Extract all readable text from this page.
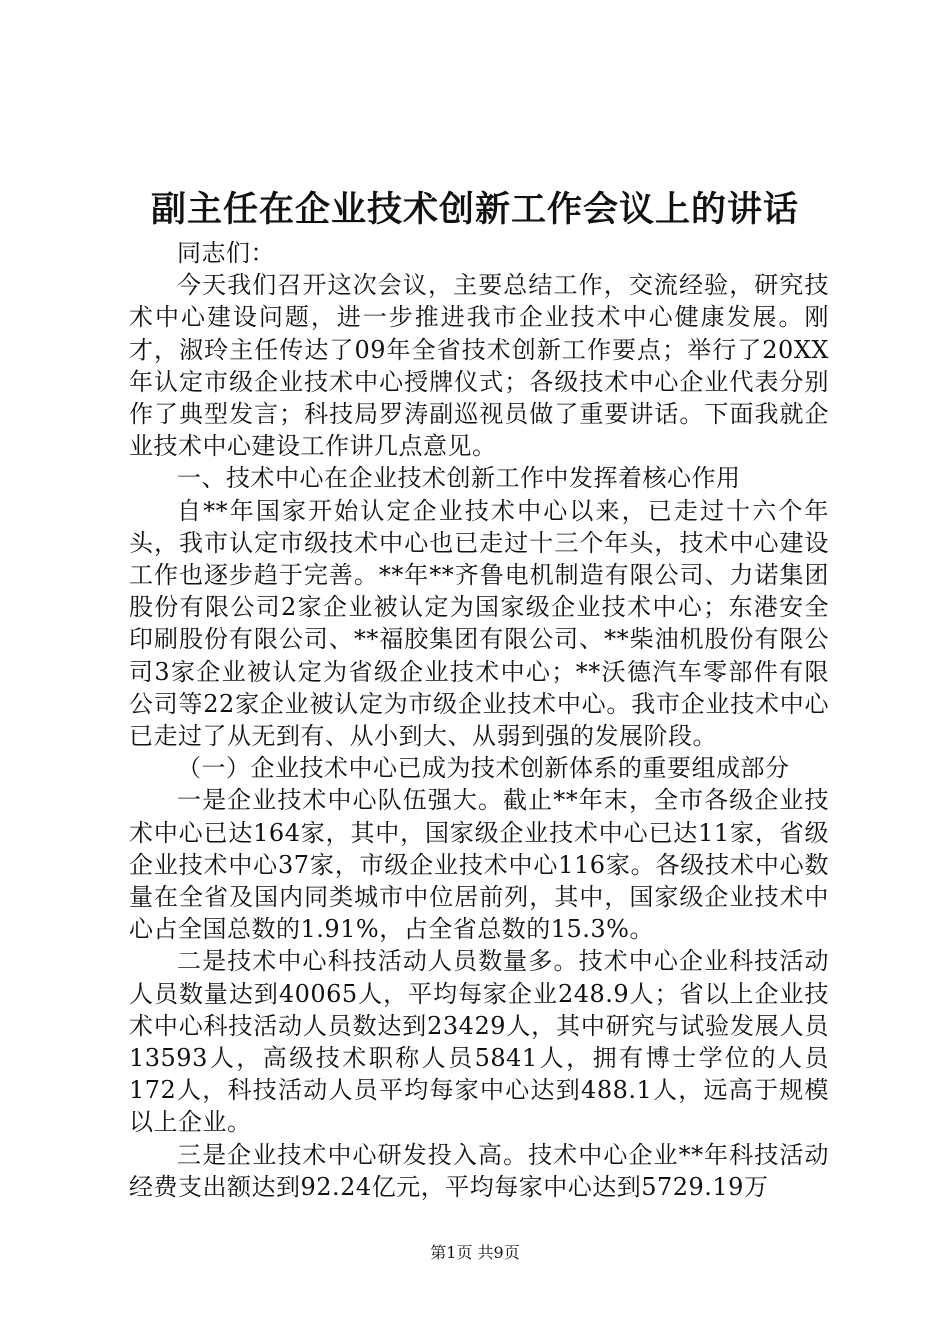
副主任在企业技术创新工作会议上的讲话

同志们：

今天我们召开这次会议，主要总结工作，交流经验，研究技术中心建设问题，进一步推进我市企业技术中心健康发展。刚才，淑玲主任传达了09年全省技术创新工作要点；举行了20XX年认定市级企业技术中心授牌仪式；各级技术中心企业代表分别作了典型发言；科技局罗涛副巡视员做了重要讲话。下面我就企业技术中心建设工作讲几点意见。

一、技术中心在企业技术创新工作中发挥着核心作用

自**年国家开始认定企业技术中心以来，已走过十六个年头，我市认定市级技术中心也已走过十三个年头，技术中心建设工作也逐步趋于完善。**年**齐鲁电机制造有限公司、力诺集团股份有限公司2家企业被认定为国家级企业技术中心；东港安全印刷股份有限公司、**福胶集团有限公司、**柴油机股份有限公司3家企业被认定为省级企业技术中心；**沃德汽车零部件有限公司等22家企业被认定为市级企业技术中心。我市企业技术中心已走过了从无到有、从小到大、从弱到强的发展阶段。

（一）企业技术中心已成为技术创新体系的重要组成部分

一是企业技术中心队伍强大。截止**年末，全市各级企业技术中心已达164家，其中，国家级企业技术中心已达11家，省级企业技术中心37家，市级企业技术中心116家。各级技术中心数量在全省及国内同类城市中位居前列，其中，国家级企业技术中心占全国总数的1.91%，占全省总数的15.3%。

二是技术中心科技活动人员数量多。技术中心企业科技活动人员数量达到40065人，平均每家企业248.9人；省以上企业技术中心科技活动人员数达到23429人，其中研究与试验发展人员13593人，高级技术职称人员5841人，拥有博士学位的人员172人，科技活动人员平均每家中心达到488.1人，远高于规模以上企业。

三是企业技术中心研发投入高。技术中心企业**年科技活动经费支出额达到92.24亿元，平均每家中心达到5729.19万

第1页 共9页
